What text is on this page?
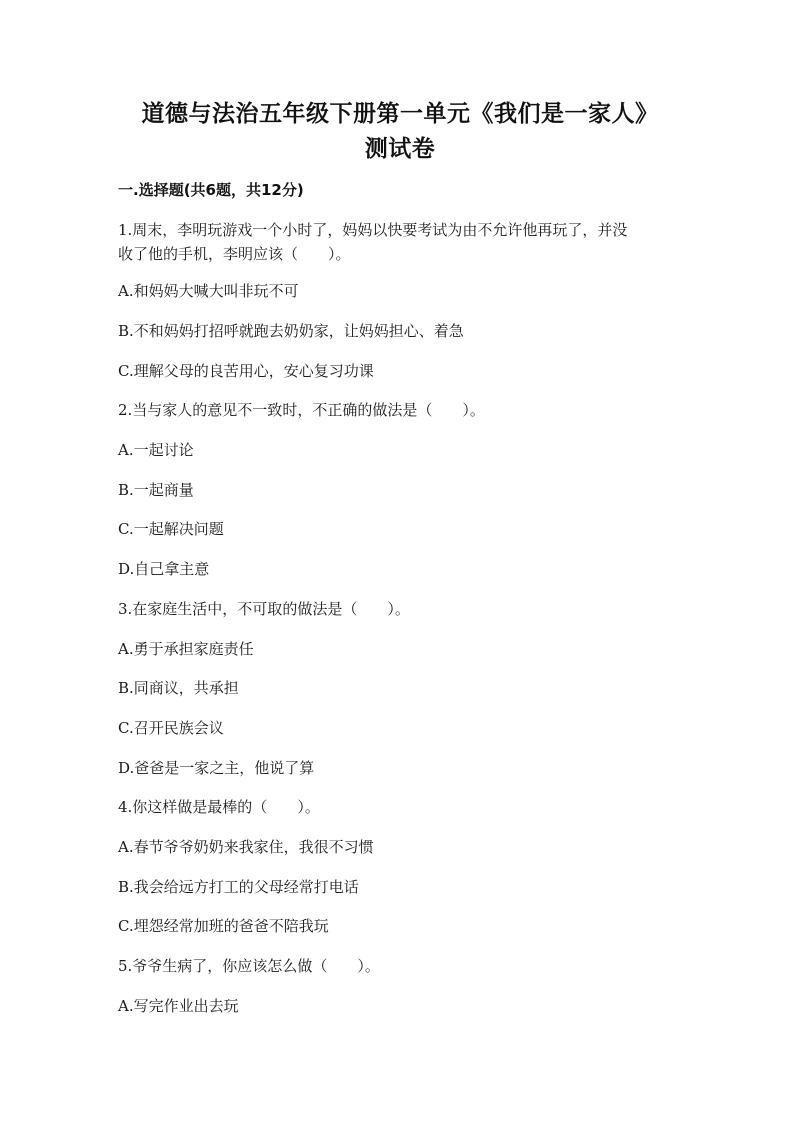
道德与法治五年级下册第一单元《我们是一家人》
测试卷
一.选择题(共6题，共12分)
1.周末，李明玩游戏一个小时了，妈妈以快要考试为由不允许他再玩了，并没
收了他的手机，李明应该（　　）。
A.和妈妈大喊大叫非玩不可
B.不和妈妈打招呼就跑去奶奶家，让妈妈担心、着急
C.理解父母的良苦用心，安心复习功课
2.当与家人的意见不一致时，不正确的做法是（　　）。
A.一起讨论
B.一起商量
C.一起解决问题
D.自己拿主意
3.在家庭生活中，不可取的做法是（　　）。
A.勇于承担家庭责任
B.同商议，共承担
C.召开民族会议
D.爸爸是一家之主，他说了算
4.你这样做是最棒的（　　）。
A.春节爷爷奶奶来我家住，我很不习惯
B.我会给远方打工的父母经常打电话
C.埋怨经常加班的爸爸不陪我玩
5.爷爷生病了，你应该怎么做（　　）。
A.写完作业出去玩
